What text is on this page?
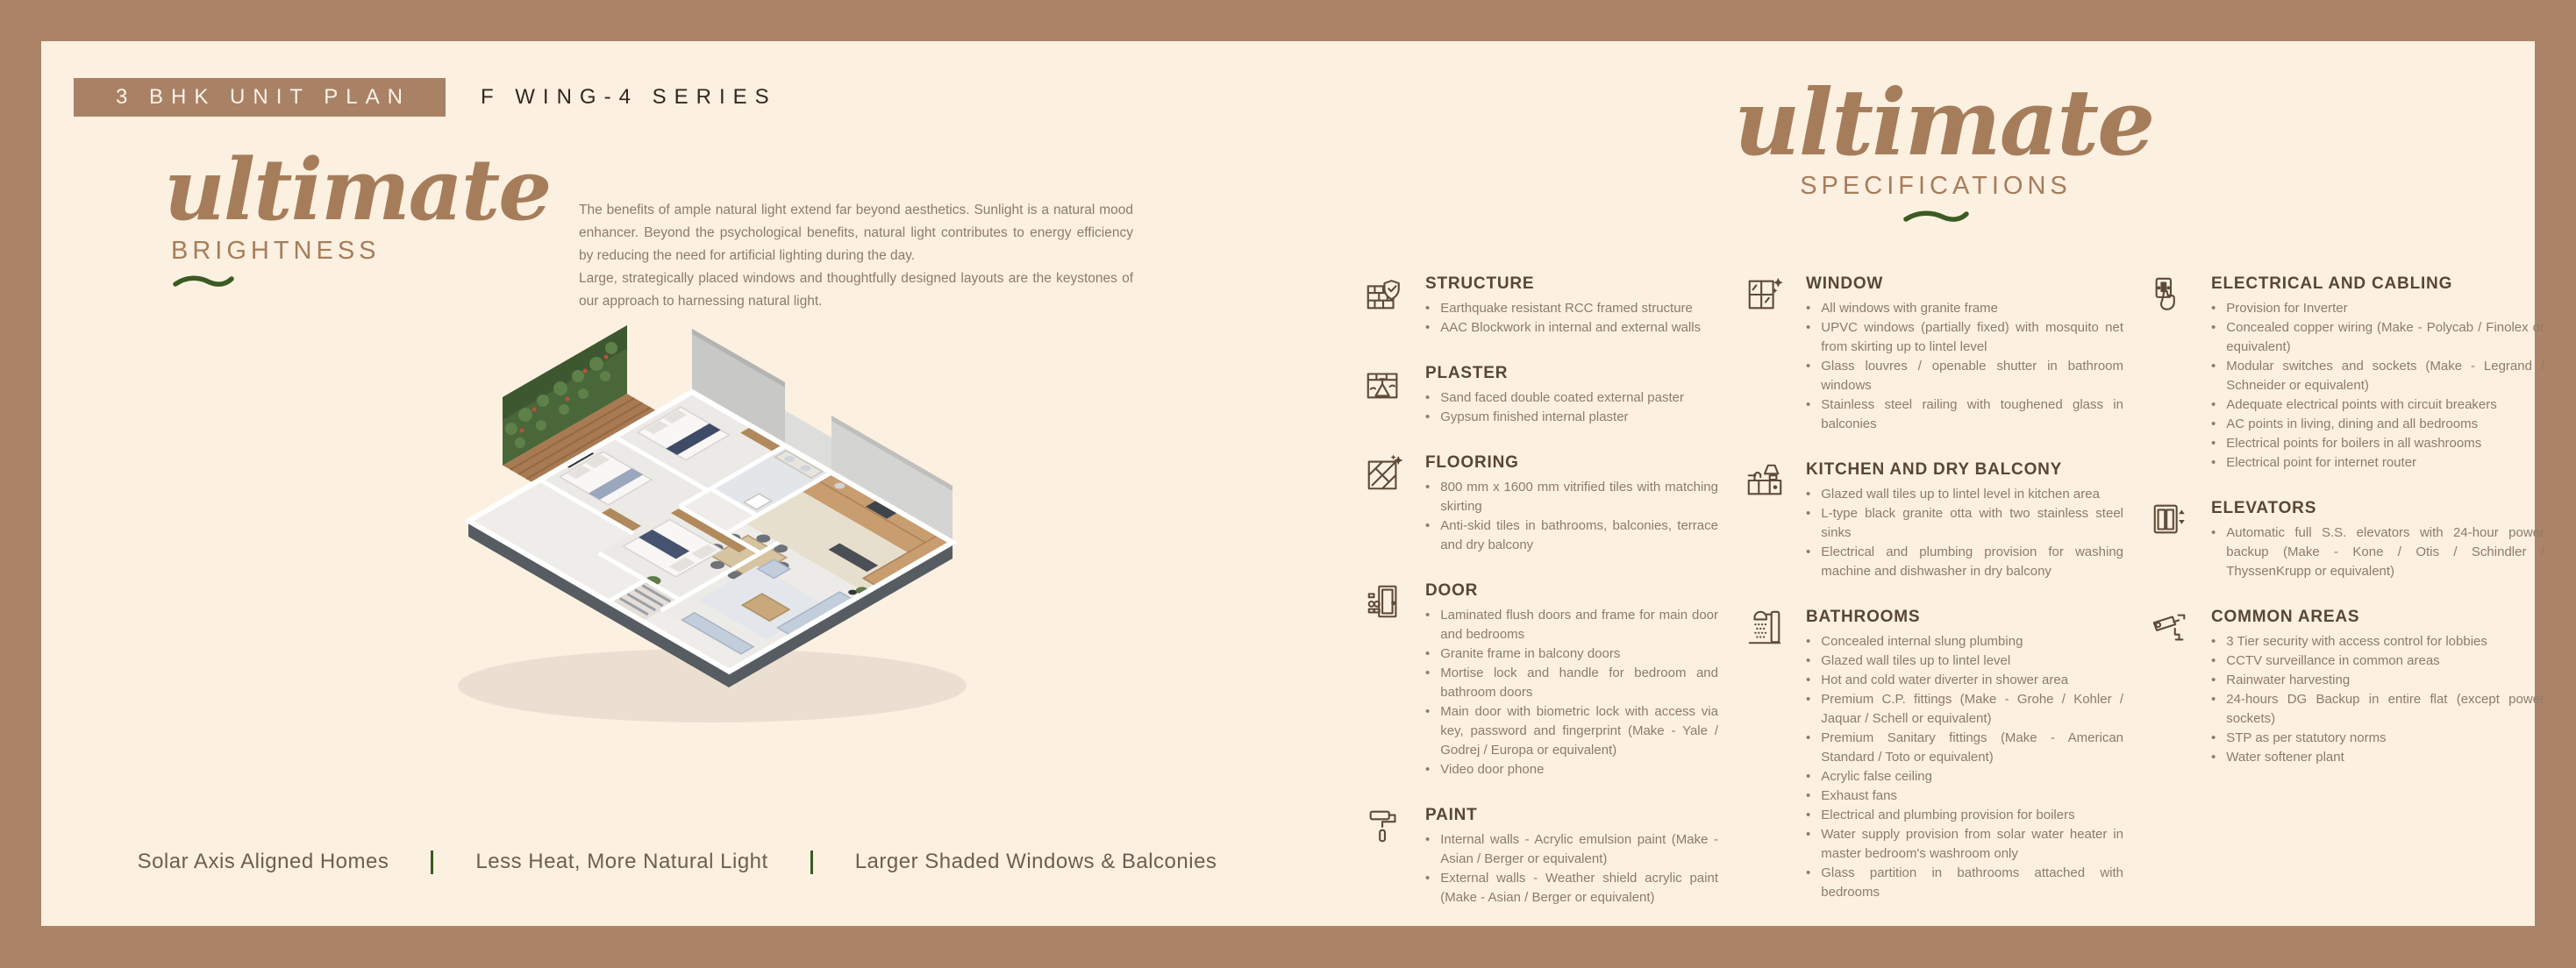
3 BHK UNIT PLAN	F WING-4 SERIES
ultimate
BRIGHTNESS

The benefits of ample natural light extend far beyond aesthetics. Sunlight is a natural mood enhancer. Beyond the psychological benefits, natural light contributes to energy efficiency by reducing the need for artificial lighting during the day.

Large, strategically placed windows and thoughtfully designed layouts are the keystones of our approach to harnessing natural light.

Solar Axis Aligned Homes	Less Heat, More Natural Light	Larger Shaded Windows & Balconies
ultimate
SPECIFICATIONS
STRUCTURE
• Earthquake resistant RCC framed structure
• AAC Blockwork in internal and external walls
PLASTER
• Sand faced double coated external paster
• Gypsum finished internal plaster
FLOORING
• 800 mm x 1600 mm vitrified tiles with matching skirting
• Anti-skid tiles in bathrooms, balconies, terrace and dry balcony
DOOR
• Laminated flush doors and frame for main door and bedrooms
• Granite frame in balcony doors
• Mortise lock and handle for bedroom and bathroom doors
• Main door with biometric lock with access via key, password and fingerprint (Make - Yale / Godrej / Europa or equivalent)
• Video door phone
PAINT
• Internal walls - Acrylic emulsion paint (Make - Asian / Berger or equivalent)
• External walls - Weather shield acrylic paint (Make - Asian / Berger or equivalent)
WINDOW
• All windows with granite frame
• UPVC windows (partially fixed) with mosquito net from skirting up to lintel level
• Glass louvres / openable shutter in bathroom windows
• Stainless steel railing with toughened glass in balconies
KITCHEN AND DRY BALCONY
• Glazed wall tiles up to lintel level in kitchen area
• L-type black granite otta with two stainless steel sinks
• Electrical and plumbing provision for washing machine and dishwasher in dry balcony
BATHROOMS
• Concealed internal slung plumbing
• Glazed wall tiles up to lintel level
• Hot and cold water diverter in shower area
• Premium C.P. fittings (Make - Grohe / Kohler / Jaquar / Schell or equivalent)
• Premium Sanitary fittings (Make - American Standard / Toto or equivalent)
• Acrylic false ceiling
• Exhaust fans
• Electrical and plumbing provision for boilers
• Water supply provision from solar water heater in master bedroom's washroom only
• Glass partition in bathrooms attached with bedrooms
ELECTRICAL AND CABLING
• Provision for Inverter
• Concealed copper wiring (Make - Polycab / Finolex or equivalent)
• Modular switches and sockets (Make - Legrand / Schneider or equivalent)
• Adequate electrical points with circuit breakers
• AC points in living, dining and all bedrooms
• Electrical points for boilers in all washrooms
• Electrical point for internet router
ELEVATORS
• Automatic full S.S. elevators with 24-hour power backup (Make - Kone / Otis / Schindler / ThyssenKrupp or equivalent)
COMMON AREAS
• 3 Tier security with access control for lobbies
• CCTV surveillance in common areas
• Rainwater harvesting
• 24-hours DG Backup in entire flat (except power sockets)
• STP as per statutory norms
• Water softener plant
